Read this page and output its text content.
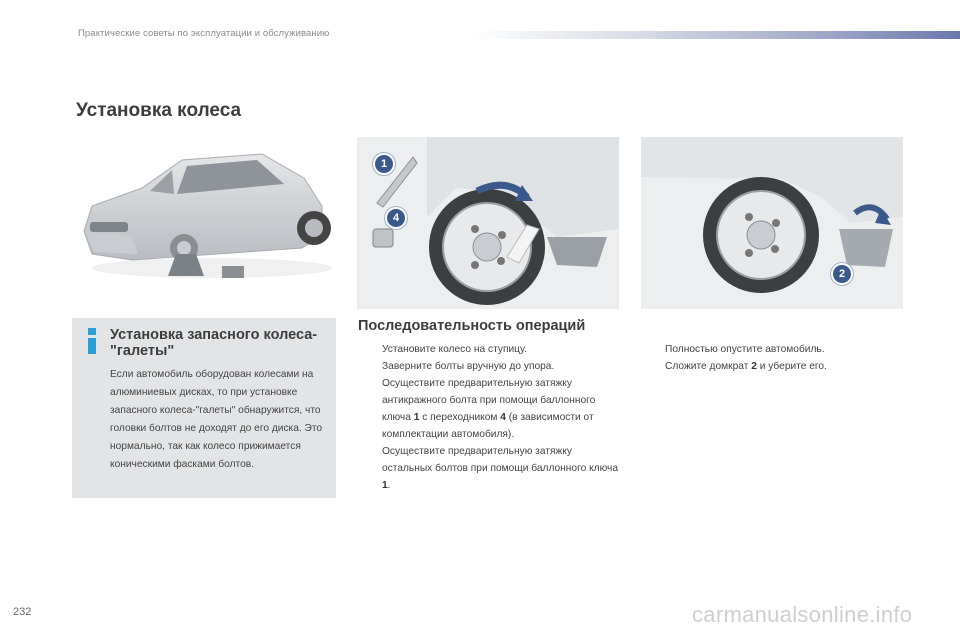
Практические советы по эксплуатации и обслуживанию
Установка колеса
1
4
2
Установка запасного колеса-"галеты"
Если автомобиль оборудован колесами на алюминиевых дисках, то при установке запасного колеса-"галеты" обнаружится, что головки болтов не доходят до его диска. Это нормально, так как колесо прижимается коническими фасками болтов.
Последовательность операций
Установите колесо на ступицу.
Заверните болты вручную до упора.
Осуществите предварительную затяжку антикражного болта при помощи баллонного ключа 1 с переходником 4 (в зависимости от комплектации автомобиля).
Осуществите предварительную затяжку остальных болтов при помощи баллонного ключа 1.
Полностью опустите автомобиль.
Сложите домкрат 2 и уберите его.
232	carmanualsonline.info
